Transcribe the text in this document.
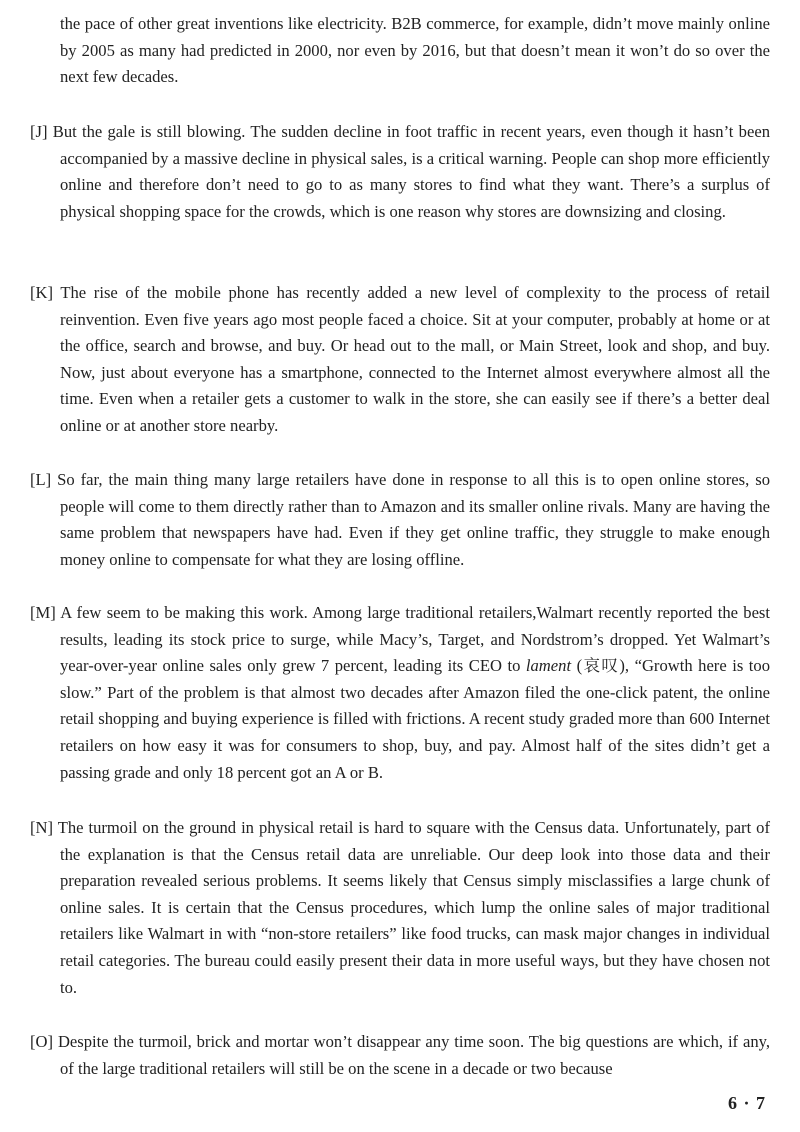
the pace of other great inventions like electricity. B2B commerce, for example, didn’t move mainly online by 2005 as many had predicted in 2000, nor even by 2016, but that doesn’t mean it won’t do so over the next few decades.
[J] But the gale is still blowing. The sudden decline in foot traffic in recent years, even though it hasn’t been accompanied by a massive decline in physical sales, is a critical warning. People can shop more efficiently online and therefore don’t need to go to as many stores to find what they want. There’s a surplus of physical shopping space for the crowds, which is one reason why stores are downsizing and closing.
[K] The rise of the mobile phone has recently added a new level of complexity to the process of retail reinvention. Even five years ago most people faced a choice. Sit at your computer, probably at home or at the office, search and browse, and buy. Or head out to the mall, or Main Street, look and shop, and buy. Now, just about everyone has a smartphone, connected to the Internet almost everywhere almost all the time. Even when a retailer gets a customer to walk in the store, she can easily see if there’s a better deal online or at another store nearby.
[L] So far, the main thing many large retailers have done in response to all this is to open online stores, so people will come to them directly rather than to Amazon and its smaller online rivals. Many are having the same problem that newspapers have had. Even if they get online traffic, they struggle to make enough money online to compensate for what they are losing offline.
[M] A few seem to be making this work. Among large traditional retailers,Walmart recently reported the best results, leading its stock price to surge, while Macy’s, Target, and Nordstrom’s dropped. Yet Walmart’s year-over-year online sales only grew 7 percent, leading its CEO to lament (哀叹), “Growth here is too slow.” Part of the problem is that almost two decades after Amazon filed the one-click patent, the online retail shopping and buying experience is filled with frictions. A recent study graded more than 600 Internet retailers on how easy it was for consumers to shop, buy, and pay. Almost half of the sites didn’t get a passing grade and only 18 percent got an A or B.
[N] The turmoil on the ground in physical retail is hard to square with the Census data. Unfortunately, part of the explanation is that the Census retail data are unreliable. Our deep look into those data and their preparation revealed serious problems. It seems likely that Census simply misclassifies a large chunk of online sales. It is certain that the Census procedures, which lump the online sales of major traditional retailers like Walmart in with “non-store retailers” like food trucks, can mask major changes in individual retail categories. The bureau could easily present their data in more useful ways, but they have chosen not to.
[O] Despite the turmoil, brick and mortar won’t disappear any time soon. The big questions are which, if any, of the large traditional retailers will still be on the scene in a decade or two because
6 · 7
